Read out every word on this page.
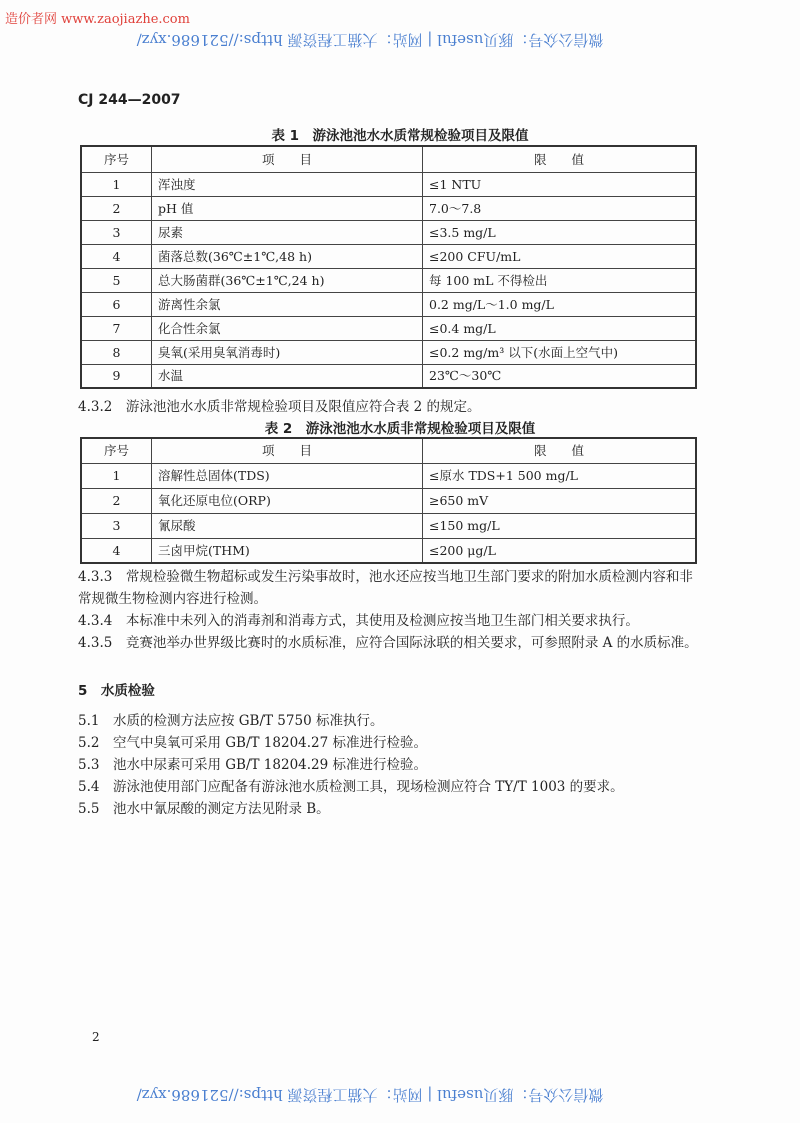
造价者网 www.zaojiazhe.com
微信公众号：豚贝useful | 网站：大猫工程资源 https://521686.xyz/
CJ 244—2007
表 1　游泳池池水水质常规检验项目及限值
序号	项　　目	限　　值
1	浑浊度	≤1 NTU
2	pH 值	7.0～7.8
3	尿素	≤3.5 mg/L
4	菌落总数(36℃±1℃,48 h)	≤200 CFU/mL
5	总大肠菌群(36℃±1℃,24 h)	每 100 mL 不得检出
6	游离性余氯	0.2 mg/L～1.0 mg/L
7	化合性余氯	≤0.4 mg/L
8	臭氧(采用臭氧消毒时)	≤0.2 mg/m³ 以下(水面上空气中)
9	水温	23℃～30℃
4.3.2　游泳池池水水质非常规检验项目及限值应符合表 2 的规定。
表 2　游泳池池水水质非常规检验项目及限值
序号	项　　目	限　　值
1	溶解性总固体(TDS)	≤原水 TDS+1 500 mg/L
2	氧化还原电位(ORP)	≥650 mV
3	氰尿酸	≤150 mg/L
4	三卤甲烷(THM)	≤200 μg/L
4.3.3　常规检验微生物超标或发生污染事故时，池水还应按当地卫生部门要求的附加水质检测内容和非常规微生物检测内容进行检测。
4.3.4　本标准中未列入的消毒剂和消毒方式，其使用及检测应按当地卫生部门相关要求执行。
4.3.5　竞赛池举办世界级比赛时的水质标准，应符合国际泳联的相关要求，可参照附录 A 的水质标准。
5　水质检验
5.1　水质的检测方法应按 GB/T 5750 标准执行。
5.2　空气中臭氧可采用 GB/T 18204.27 标准进行检验。
5.3　池水中尿素可采用 GB/T 18204.29 标准进行检验。
5.4　游泳池使用部门应配备有游泳池水质检测工具，现场检测应符合 TY/T 1003 的要求。
5.5　池水中氰尿酸的测定方法见附录 B。
2
微信公众号：豚贝useful | 网站：大猫工程资源 https://521686.xyz/
